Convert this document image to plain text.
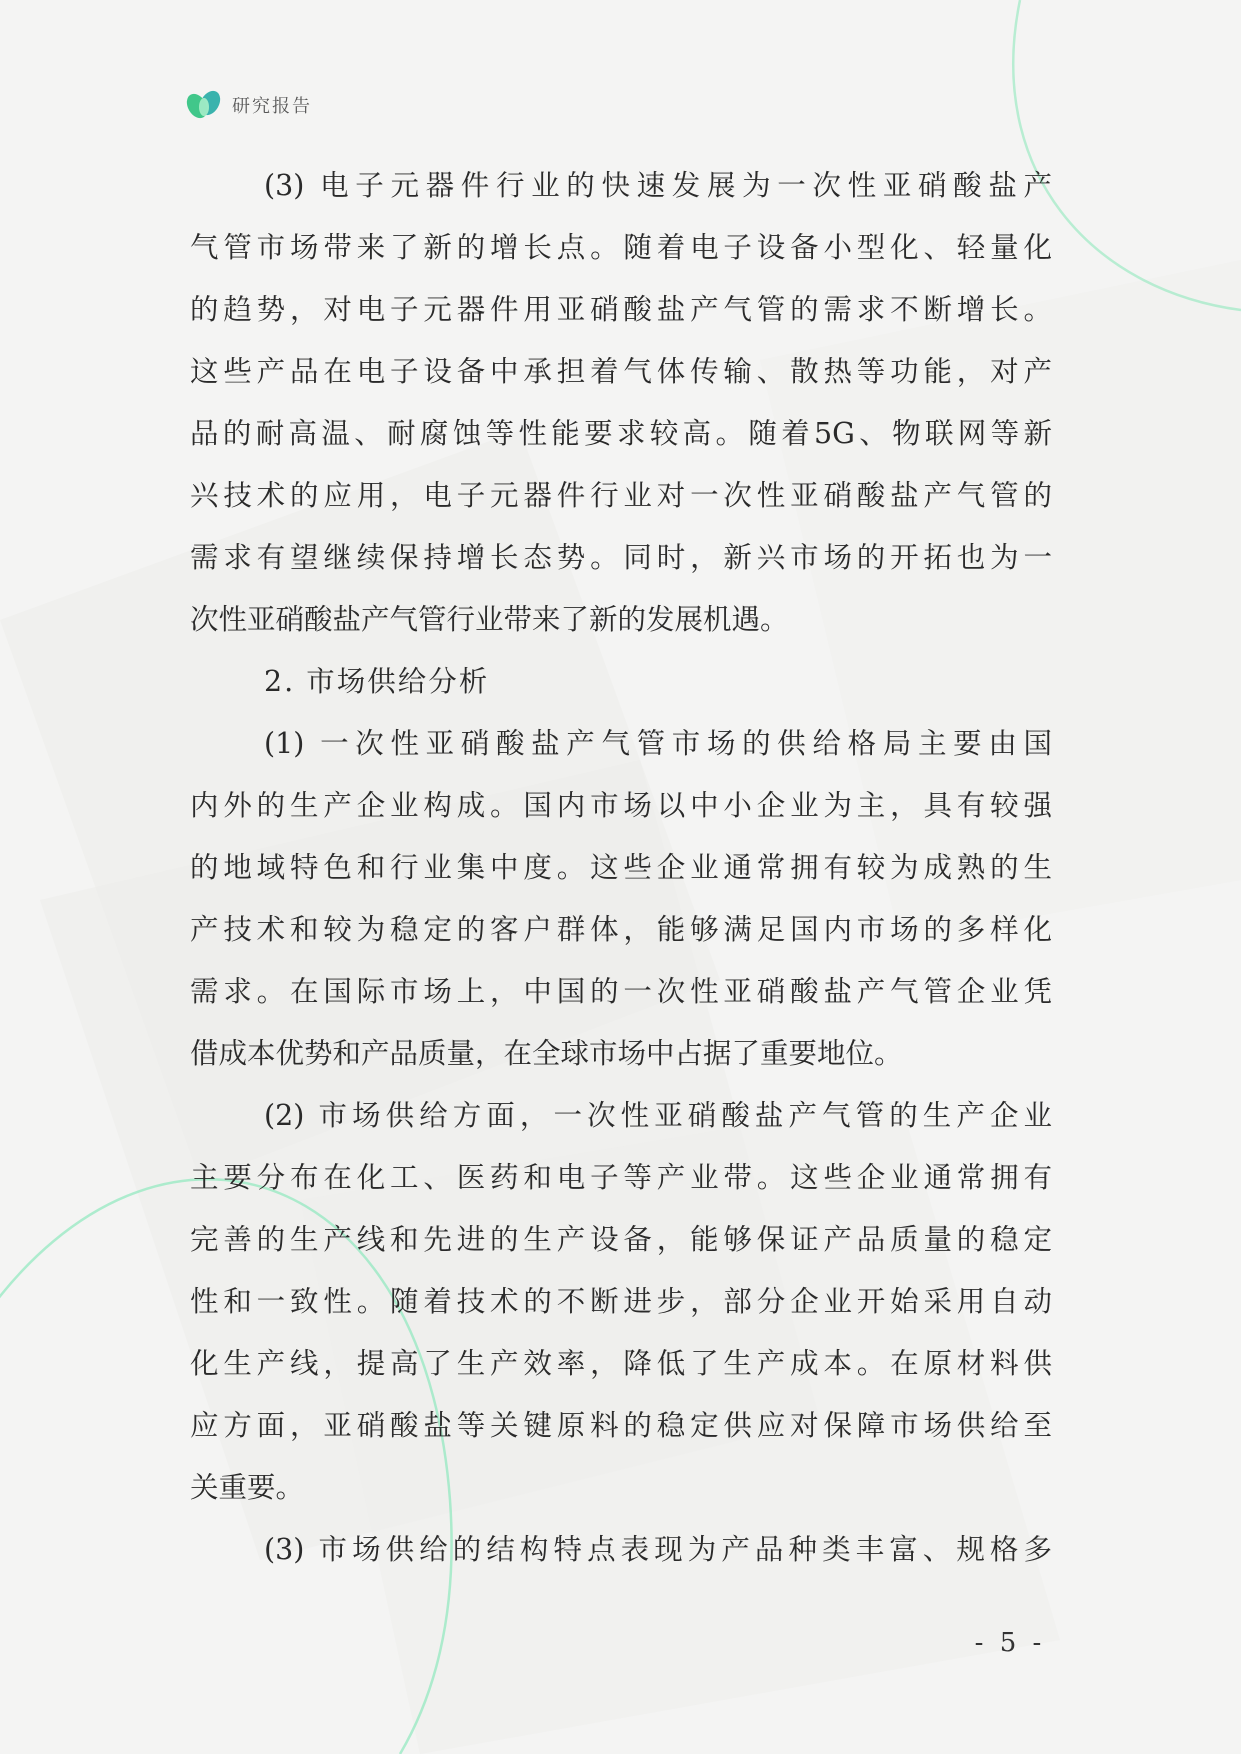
研究报告
(3) 电子元器件行业的快速发展为一次性亚硝酸盐产
气管市场带来了新的增长点。随着电子设备小型化、轻量化
的趋势，对电子元器件用亚硝酸盐产气管的需求不断增长。
这些产品在电子设备中承担着气体传输、散热等功能，对产
品的耐高温、耐腐蚀等性能要求较高。随着5G、物联网等新
兴技术的应用，电子元器件行业对一次性亚硝酸盐产气管的
需求有望继续保持增长态势。同时，新兴市场的开拓也为一
次性亚硝酸盐产气管行业带来了新的发展机遇。
2. 市场供给分析
(1) 一次性亚硝酸盐产气管市场的供给格局主要由国
内外的生产企业构成。国内市场以中小企业为主，具有较强
的地域特色和行业集中度。这些企业通常拥有较为成熟的生
产技术和较为稳定的客户群体，能够满足国内市场的多样化
需求。在国际市场上，中国的一次性亚硝酸盐产气管企业凭
借成本优势和产品质量，在全球市场中占据了重要地位。
(2) 市场供给方面，一次性亚硝酸盐产气管的生产企业
主要分布在化工、医药和电子等产业带。这些企业通常拥有
完善的生产线和先进的生产设备，能够保证产品质量的稳定
性和一致性。随着技术的不断进步，部分企业开始采用自动
化生产线，提高了生产效率，降低了生产成本。在原材料供
应方面，亚硝酸盐等关键原料的稳定供应对保障市场供给至
关重要。
(3) 市场供给的结构特点表现为产品种类丰富、规格多
- 5 -
